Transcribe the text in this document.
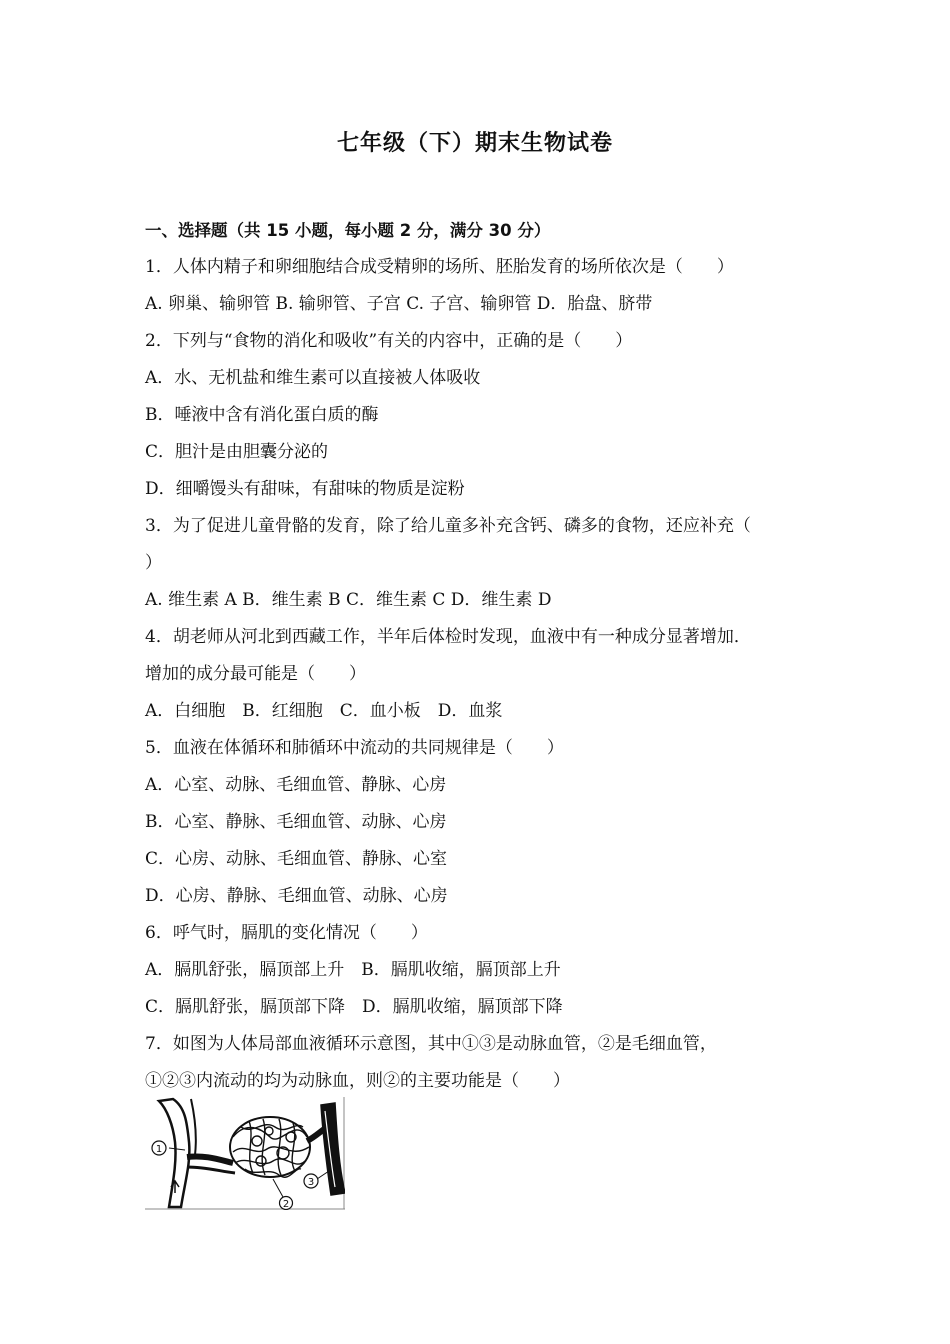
七年级（下）期末生物试卷
一、选择题（共 15 小题，每小题 2 分，满分 30 分）
1．人体内精子和卵细胞结合成受精卵的场所、胚胎发育的场所依次是（　　）
A. 卵巢、输卵管 B. 输卵管、子宫 C. 子宫、输卵管 D．胎盘、脐带
2．下列与“食物的消化和吸收”有关的内容中，正确的是（　　）
A．水、无机盐和维生素可以直接被人体吸收
B．唾液中含有消化蛋白质的酶
C．胆汁是由胆囊分泌的
D．细嚼馒头有甜味，有甜味的物质是淀粉
3．为了促进儿童骨骼的发育，除了给儿童多补充含钙、磷多的食物，还应补充（
）
A. 维生素 A B．维生素 B C．维生素 C D．维生素 D
4．胡老师从河北到西藏工作，半年后体检时发现，血液中有一种成分显著增加．
增加的成分最可能是（　　）
A．白细胞　B．红细胞　C．血小板　D．血浆
5．血液在体循环和肺循环中流动的共同规律是（　　）
A．心室、动脉、毛细血管、静脉、心房
B．心室、静脉、毛细血管、动脉、心房
C．心房、动脉、毛细血管、静脉、心室
D．心房、静脉、毛细血管、动脉、心房
6．呼气时，膈肌的变化情况（　　）
A．膈肌舒张，膈顶部上升　B．膈肌收缩，膈顶部上升
C．膈肌舒张，膈顶部下降　D．膈肌收缩，膈顶部下降
7．如图为人体局部血液循环示意图，其中①③是动脉血管，②是毛细血管，
①②③内流动的均为动脉血，则②的主要功能是（　　）
1
2
3
